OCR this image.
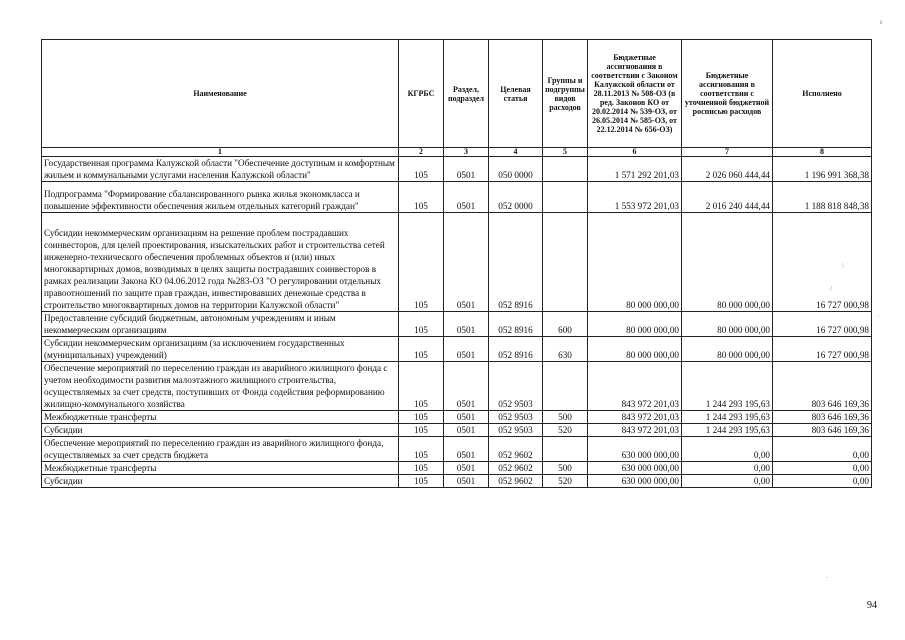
ε
\
/
·
·
Наименование	КГРБС	Раздел, подраздел	Целевая статья	Группы и подгруппы видов расходов	Бюджетные ассигнования в соответствии с Законом Калужской области от 28.11.2013 № 508-ОЗ (в ред. Законов КО от 20.02.2014 № 539-ОЗ, от 26.05.2014 № 585-ОЗ, от 22.12.2014 № 656-ОЗ)	Бюджетные ассигнования в соответствии с уточненной бюджетной росписью расходов	Исполнено
1	2	3	4	5	6	7	8
Государственная программа Калужской области "Обеспечение доступным и комфортным жильем и коммунальными услугами населения Калужской области"	105	0501	050 0000		1 571 292 201,03	2 026 060 444,44	1 196 991 368,38
Подпрограмма "Формирование сбалансированного рынка жилья экономкласса и повышение эффективности обеспечения жильем отдельных категорий граждан"	105	0501	052 0000		1 553 972 201,03	2 016 240 444,44	1 188 818 848,38
Субсидии некоммерческим организациям на решение проблем пострадавших соинвесторов, для целей проектирования, изыскательских работ и строительства сетей инженерно-технического обеспечения проблемных объектов и (или) иных многоквартирных домов, возводимых в целях защиты пострадавших соинвесторов в рамках реализации Закона КО 04.06.2012 года №283-ОЗ "О регулировании отдельных правоотношений по защите прав граждан, инвестировавших денежные средства в строительство многоквартирных домов на территории Калужской области"	105	0501	052 8916		80 000 000,00	80 000 000,00	16 727 000,98
Предоставление субсидий бюджетным, автономным учреждениям и иным некоммерческим организациям	105	0501	052 8916	600	80 000 000,00	80 000 000,00	16 727 000,98
Субсидии некоммерческим организациям (за исключением государственных (муниципальных) учреждений)	105	0501	052 8916	630	80 000 000,00	80 000 000,00	16 727 000,98
Обеспечение мероприятий по переселению граждан из аварийного жилищного фонда с учетом необходимости развития малоэтажного жилищного строительства, осуществляемых за счет средств, поступивших от Фонда содействия реформированию жилищно-коммунального хозяйства	105	0501	052 9503		843 972 201,03	1 244 293 195,63	803 646 169,36
Межбюджетные трансферты	105	0501	052 9503	500	843 972 201,03	1 244 293 195,63	803 646 169,36
Субсидии	105	0501	052 9503	520	843 972 201,03	1 244 293 195,63	803 646 169,36
Обеспечение мероприятий по переселению граждан из аварийного жилищного фонда, осуществляемых за счет средств бюджета	105	0501	052 9602		630 000 000,00	0,00	0,00
Межбюджетные трансферты	105	0501	052 9602	500	630 000 000,00	0,00	0,00
Субсидии	105	0501	052 9602	520	630 000 000,00	0,00	0,00
94
